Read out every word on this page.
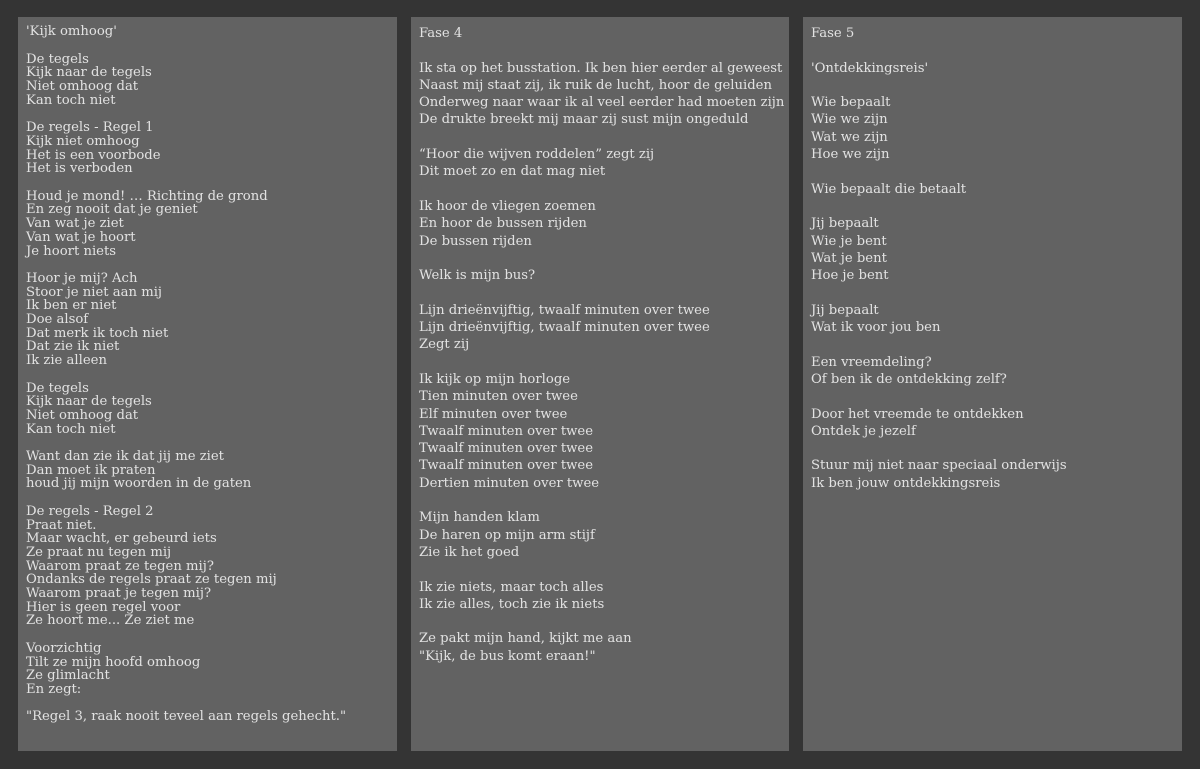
'Kijk omhoog'
De tegels
Kijk naar de tegels
Niet omhoog dat
Kan toch niet
De regels - Regel 1
Kijk niet omhoog
Het is een voorbode
Het is verboden
Houd je mond! … Richting de grond
En zeg nooit dat je geniet
Van wat je ziet
Van wat je hoort
Je hoort niets
Hoor je mij? Ach
Stoor je niet aan mij
Ik ben er niet
Doe alsof
Dat merk ik toch niet
Dat zie ik niet
Ik zie alleen
De tegels
Kijk naar de tegels
Niet omhoog dat
Kan toch niet
Want dan zie ik dat jij me ziet
Dan moet ik praten
houd jij mijn woorden in de gaten
De regels - Regel 2
Praat niet.
Maar wacht, er gebeurd iets
Ze praat nu tegen mij
Waarom praat ze tegen mij?
Ondanks de regels praat ze tegen mij
Waarom praat je tegen mij?
Hier is geen regel voor
Ze hoort me... Ze ziet me
Voorzichtig
Tilt ze mijn hoofd omhoog
Ze glimlacht
En zegt:
"Regel 3, raak nooit teveel aan regels gehecht."
Fase 4
Ik sta op het busstation. Ik ben hier eerder al geweest
Naast mij staat zij, ik ruik de lucht, hoor de geluiden
Onderweg naar waar ik al veel eerder had moeten zijn
De drukte breekt mij maar zij sust mijn ongeduld
“Hoor die wijven roddelen” zegt zij
Dit moet zo en dat mag niet
Ik hoor de vliegen zoemen
En hoor de bussen rijden
De bussen rijden
Welk is mijn bus?
Lijn drieënvijftig, twaalf minuten over twee
Lijn drieënvijftig, twaalf minuten over twee
Zegt zij
Ik kijk op mijn horloge
Tien minuten over twee
Elf minuten over twee
Twaalf minuten over twee
Twaalf minuten over twee
Twaalf minuten over twee
Dertien minuten over twee
Mijn handen klam
De haren op mijn arm stijf
Zie ik het goed
Ik zie niets, maar toch alles
Ik zie alles, toch zie ik niets
Ze pakt mijn hand, kijkt me aan
"Kijk, de bus komt eraan!"
Fase 5
'Ontdekkingsreis'
Wie bepaalt
Wie we zijn
Wat we zijn
Hoe we zijn
Wie bepaalt die betaalt
Jij bepaalt
Wie je bent
Wat je bent
Hoe je bent
Jij bepaalt
Wat ik voor jou ben
Een vreemdeling?
Of ben ik de ontdekking zelf?
Door het vreemde te ontdekken
Ontdek je jezelf
Stuur mij niet naar speciaal onderwijs
Ik ben jouw ontdekkingsreis
